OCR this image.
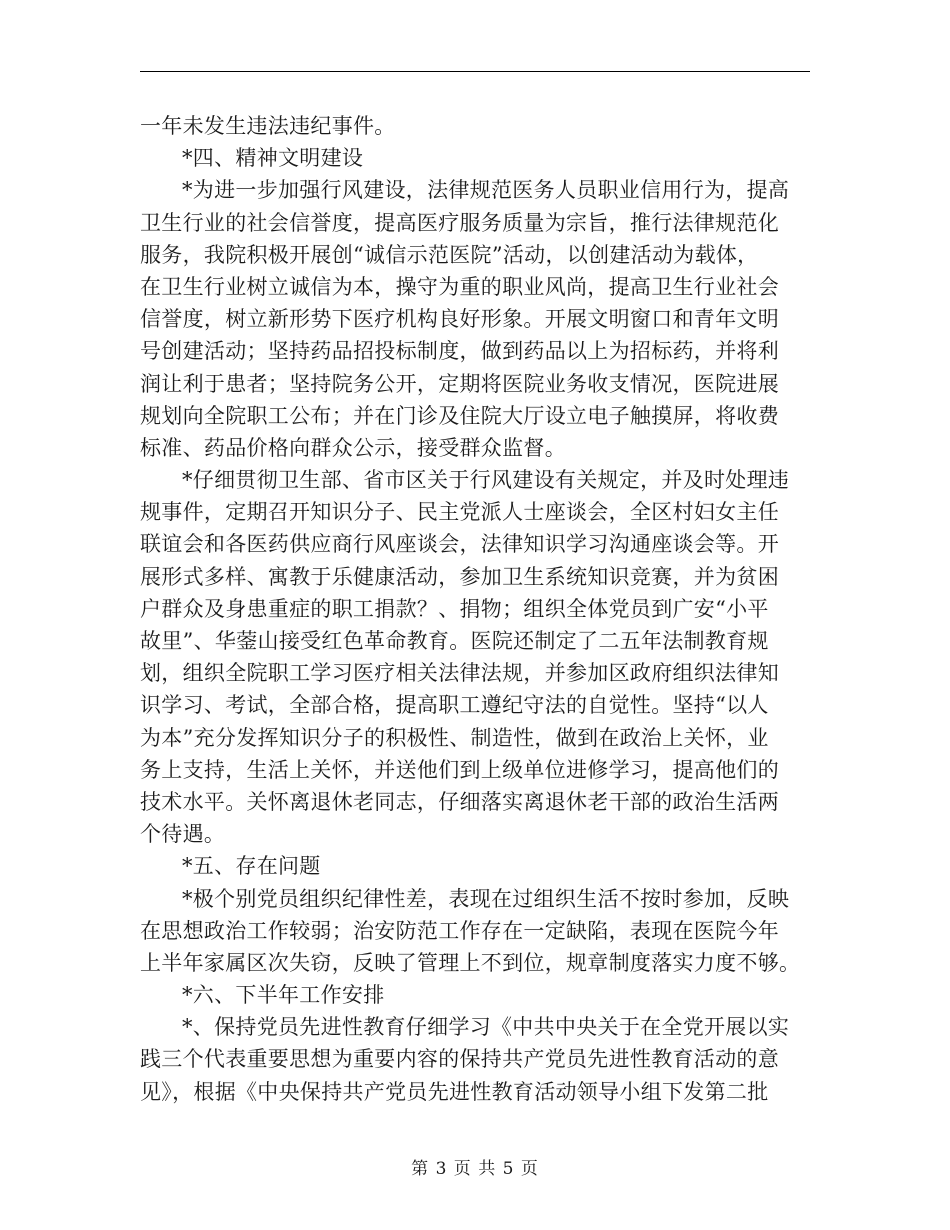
一年未发生违法违纪事件。
*四、精神文明建设
*为进一步加强行风建设，法律规范医务人员职业信用行为，提高
卫生行业的社会信誉度，提高医疗服务质量为宗旨，推行法律规范化
服务，我院积极开展创“诚信示范医院”活动，以创建活动为载体，
在卫生行业树立诚信为本，操守为重的职业风尚，提高卫生行业社会
信誉度，树立新形势下医疗机构良好形象。开展文明窗口和青年文明
号创建活动；坚持药品招投标制度，做到药品以上为招标药，并将利
润让利于患者；坚持院务公开，定期将医院业务收支情况，医院进展
规划向全院职工公布；并在门诊及住院大厅设立电子触摸屏，将收费
标准、药品价格向群众公示，接受群众监督。
*仔细贯彻卫生部、省市区关于行风建设有关规定，并及时处理违
规事件，定期召开知识分子、民主党派人士座谈会，全区村妇女主任
联谊会和各医药供应商行风座谈会，法律知识学习沟通座谈会等。开
展形式多样、寓教于乐健康活动，参加卫生系统知识竞赛，并为贫困
户群众及身患重症的职工捐款？、捐物；组织全体党员到广安“小平
故里”、华蓥山接受红色革命教育。医院还制定了二五年法制教育规
划，组织全院职工学习医疗相关法律法规，并参加区政府组织法律知
识学习、考试，全部合格，提高职工遵纪守法的自觉性。坚持“以人
为本”充分发挥知识分子的积极性、制造性，做到在政治上关怀，业
务上支持，生活上关怀，并送他们到上级单位进修学习，提高他们的
技术水平。关怀离退休老同志，仔细落实离退休老干部的政治生活两
个待遇。
*五、存在问题
*极个别党员组织纪律性差，表现在过组织生活不按时参加，反映
在思想政治工作较弱；治安防范工作存在一定缺陷，表现在医院今年
上半年家属区次失窃，反映了管理上不到位，规章制度落实力度不够。
*六、下半年工作安排
*、保持党员先进性教育仔细学习《中共中央关于在全党开展以实
践三个代表重要思想为重要内容的保持共产党员先进性教育活动的意
见》，根据《中央保持共产党员先进性教育活动领导小组下发第二批
第 3 页 共 5 页
